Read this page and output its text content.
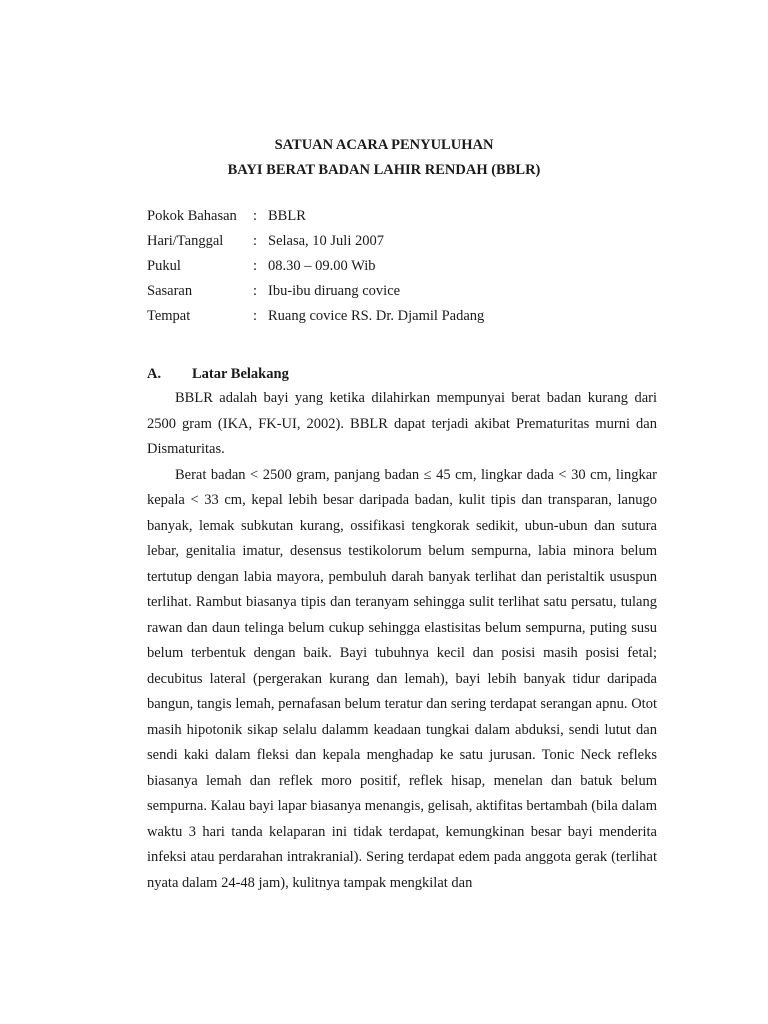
SATUAN ACARA PENYULUHAN
BAYI BERAT BADAN LAHIR RENDAH (BBLR)
Pokok Bahasan : BBLR
Hari/Tanggal : Selasa, 10 Juli 2007
Pukul	: 08.30 – 09.00 Wib
Sasaran	: Ibu-ibu diruang covice
Tempat	: Ruang covice RS. Dr. Djamil Padang
A. Latar Belakang

BBLR adalah bayi yang ketika dilahirkan mempunyai berat badan kurang dari 2500 gram (IKA, FK-UI, 2002). BBLR dapat terjadi akibat Prematuritas murni dan Dismaturitas.

Berat badan < 2500 gram, panjang badan ≤ 45 cm, lingkar dada < 30 cm, lingkar kepala < 33 cm, kepal lebih besar daripada badan, kulit tipis dan transparan, lanugo banyak, lemak subkutan kurang, ossifikasi tengkorak sedikit, ubun-ubun dan sutura lebar, genitalia imatur, desensus testikolorum belum sempurna, labia minora belum tertutup dengan labia mayora, pembuluh darah banyak terlihat dan peristaltik ususpun terlihat. Rambut biasanya tipis dan teranyam sehingga sulit terlihat satu persatu, tulang rawan dan daun telinga belum cukup sehingga elastisitas belum sempurna, puting susu belum terbentuk dengan baik. Bayi tubuhnya kecil dan posisi masih posisi fetal; decubitus lateral (pergerakan kurang dan lemah), bayi lebih banyak tidur daripada bangun, tangis lemah, pernafasan belum teratur dan sering terdapat serangan apnu. Otot masih hipotonik sikap selalu dalamm keadaan tungkai dalam abduksi, sendi lutut dan sendi kaki dalam fleksi dan kepala menghadap ke satu jurusan. Tonic Neck refleks biasanya lemah dan reflek moro positif, reflek hisap, menelan dan batuk belum sempurna. Kalau bayi lapar biasanya menangis, gelisah, aktifitas bertambah (bila dalam waktu 3 hari tanda kelaparan ini tidak terdapat, kemungkinan besar bayi menderita infeksi atau perdarahan intrakranial). Sering terdapat edem pada anggota gerak (terlihat nyata dalam 24-48 jam), kulitnya tampak mengkilat dan
